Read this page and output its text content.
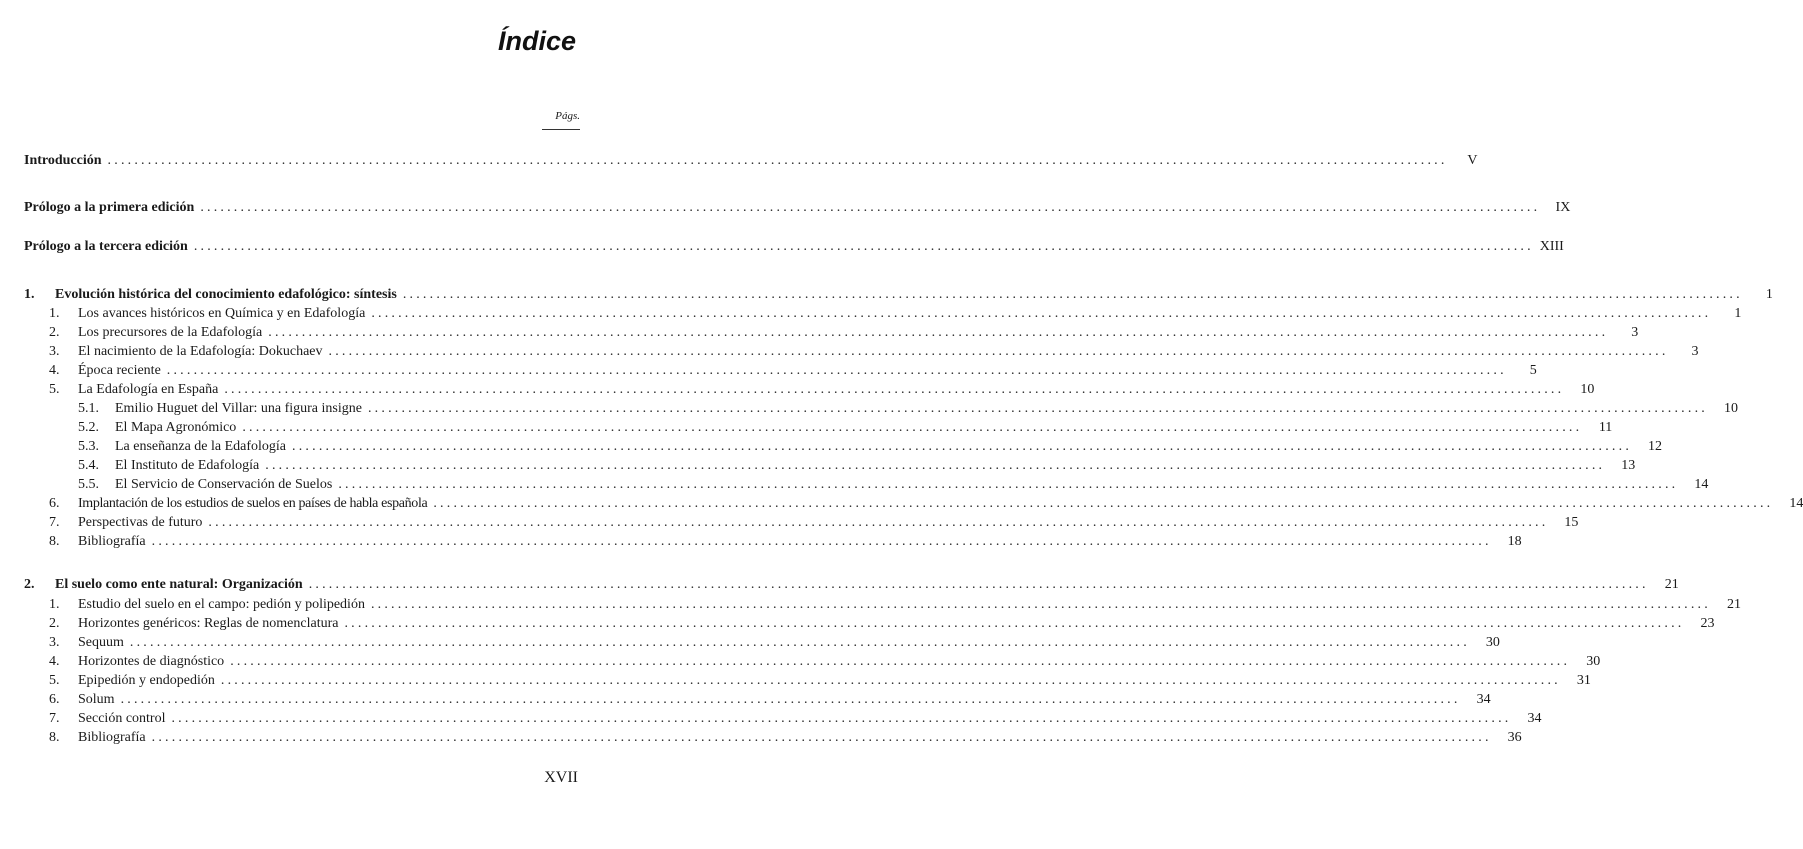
Índice
Págs.
Introducción ........................................................................................................................................................................................................	V
Prólogo a la primera edición ........................................................................................................................................................................................................	IX
Prólogo a la tercera edición ........................................................................................................................................................................................................ XIII
1.	Evolución histórica del conocimiento edafológico: síntesis ........................................................................................................................................................................................................	1
1.	Los avances históricos en Química y en Edafología ........................................................................................................................................................................................................	1
2.	Los precursores de la Edafología ........................................................................................................................................................................................................	3
3.	El nacimiento de la Edafología: Dokuchaev ........................................................................................................................................................................................................	3
4.	Época reciente ........................................................................................................................................................................................................	5
5.	La Edafología en España ........................................................................................................................................................................................................	10
5.1.	Emilio Huguet del Villar: una figura insigne ........................................................................................................................................................................................................	10
5.2.	El Mapa Agronómico ........................................................................................................................................................................................................	11
5.3.	La enseñanza de la Edafología ........................................................................................................................................................................................................	12
5.4.	El Instituto de Edafología ........................................................................................................................................................................................................	13
5.5.	El Servicio de Conservación de Suelos ........................................................................................................................................................................................................	14
6.	Implantación de los estudios de suelos en países de habla española ........................................................................................................................................................................................................	14
7.	Perspectivas de futuro ........................................................................................................................................................................................................	15
8.	Bibliografía ........................................................................................................................................................................................................	18
2.	El suelo como ente natural: Organización ........................................................................................................................................................................................................	21
1.	Estudio del suelo en el campo: pedión y polipedión ........................................................................................................................................................................................................	21
2.	Horizontes genéricos: Reglas de nomenclatura ........................................................................................................................................................................................................	23
3.	Sequum ........................................................................................................................................................................................................	30
4.	Horizontes de diagnóstico ........................................................................................................................................................................................................	30
5.	Epipedión y endopedión ........................................................................................................................................................................................................	31
6.	Solum ........................................................................................................................................................................................................	34
7.	Sección control ........................................................................................................................................................................................................	34
8.	Bibliografía ........................................................................................................................................................................................................	36
XVII
